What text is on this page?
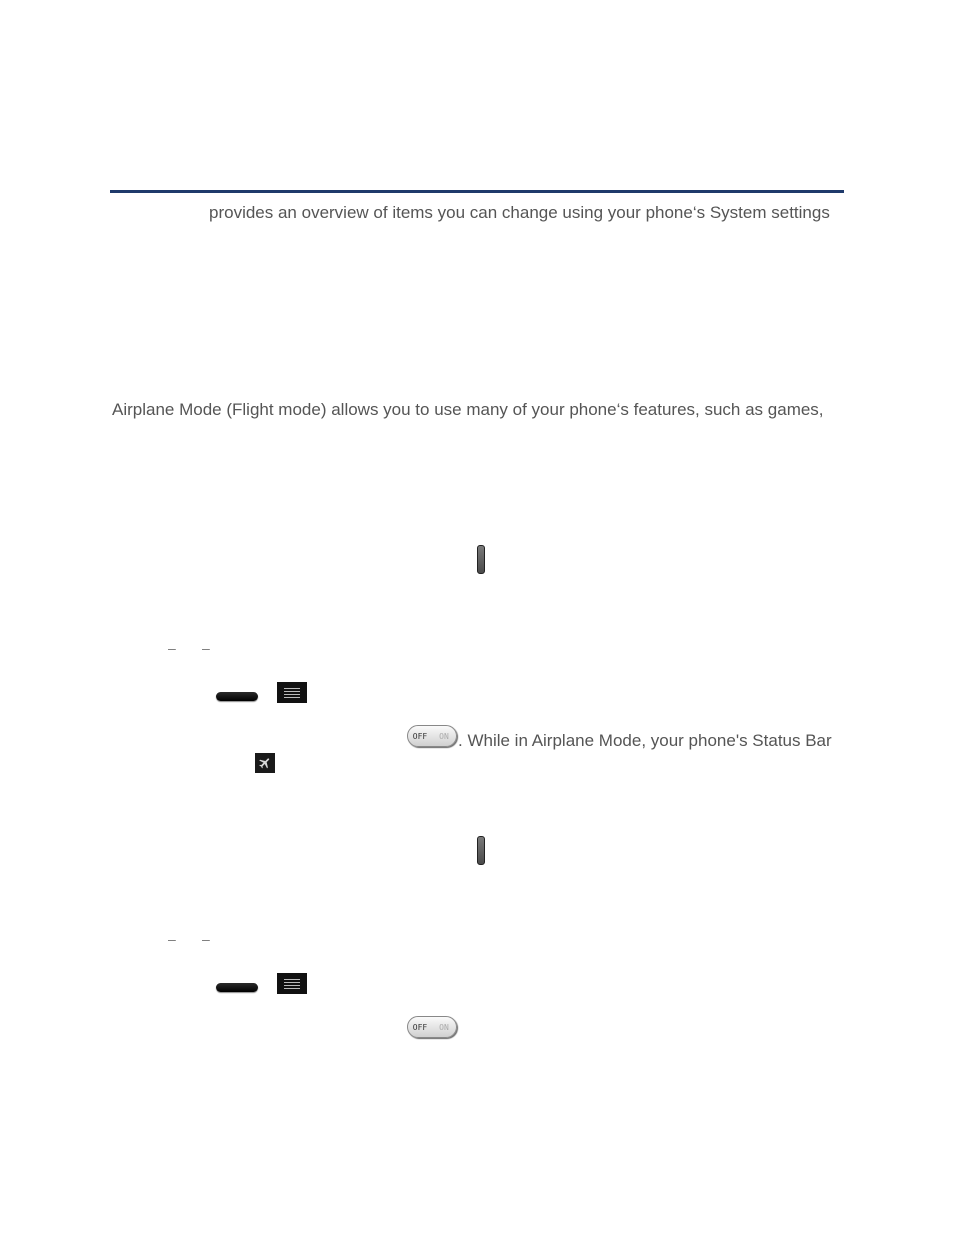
provides an overview of items you can change using your phone‘s System settings
Airplane Mode (Flight mode) allows you to use many of your phone‘s features, such as games,
– –
OFF	ON . While in Airplane Mode, your phone's Status Bar
– –
OFF	ON
